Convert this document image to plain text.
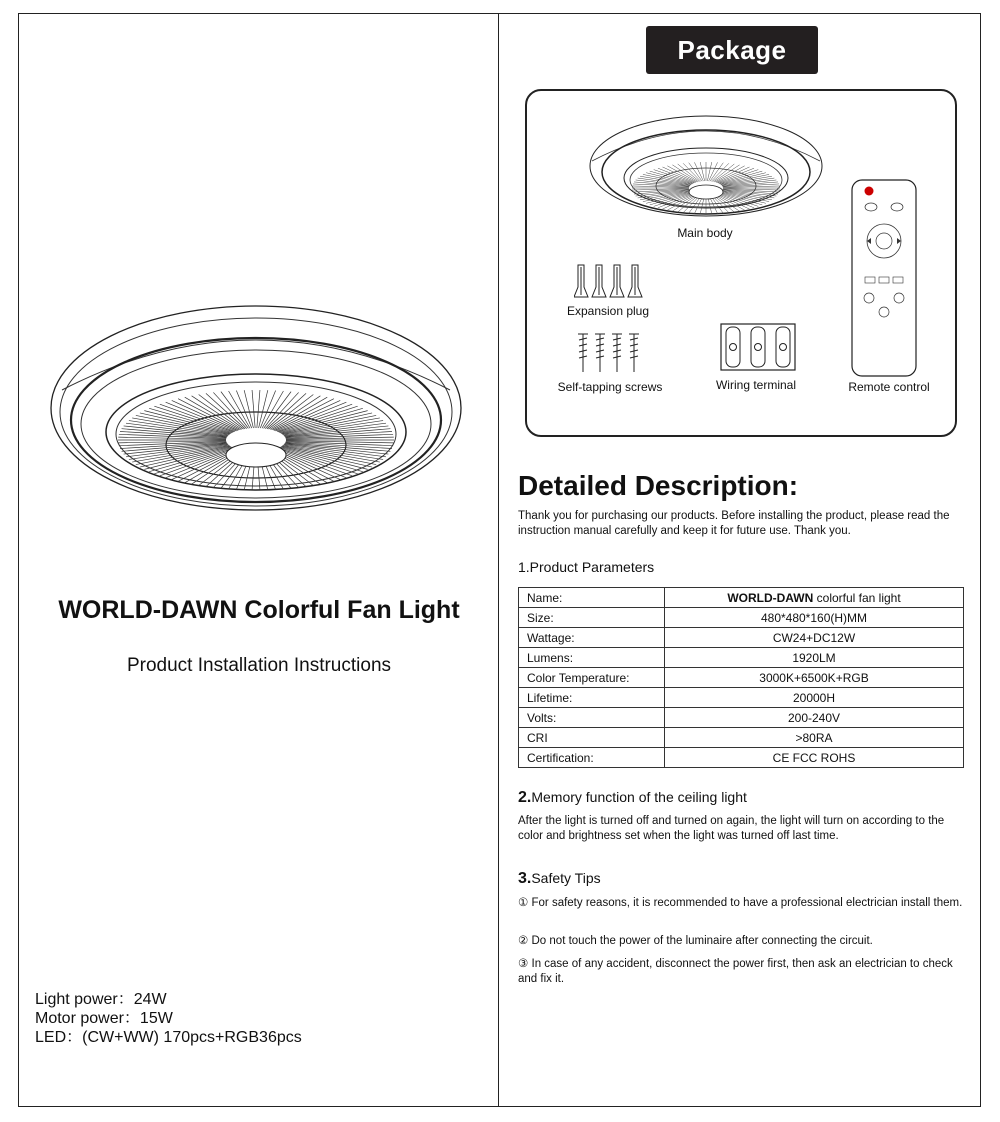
WORLD-DAWN Colorful Fan Light
Product Installation Instructions
Light power：24W
Motor power：15W
LED：(CW+WW) 170pcs+RGB36pcs
Package
Main body
Expansion plug
Self-tapping screws	Wiring terminal	Remote control
Detailed Description:
Thank you for purchasing our products. Before installing the product, please read the instruction manual carefully and keep it for future use. Thank you.
1.Product Parameters
Name:	WORLD-DAWN colorful fan light
Size:	480*480*160(H)MM
Wattage:	CW24+DC12W
Lumens:	1920LM
Color Temperature:	3000K+6500K+RGB
Lifetime:	20000H
Volts:	200-240V
CRI	>80RA
Certification:	CE FCC ROHS
2.Memory function of the ceiling light
After the light is turned off and turned on again, the light will turn on according to the color and brightness set when the light was turned off last time.
3.Safety Tips
① For safety reasons, it is recommended to have a professional electrician install them.
② Do not touch the power of the luminaire after connecting the circuit.
③ In case of any accident, disconnect the power first, then ask an electrician to check and fix it.
